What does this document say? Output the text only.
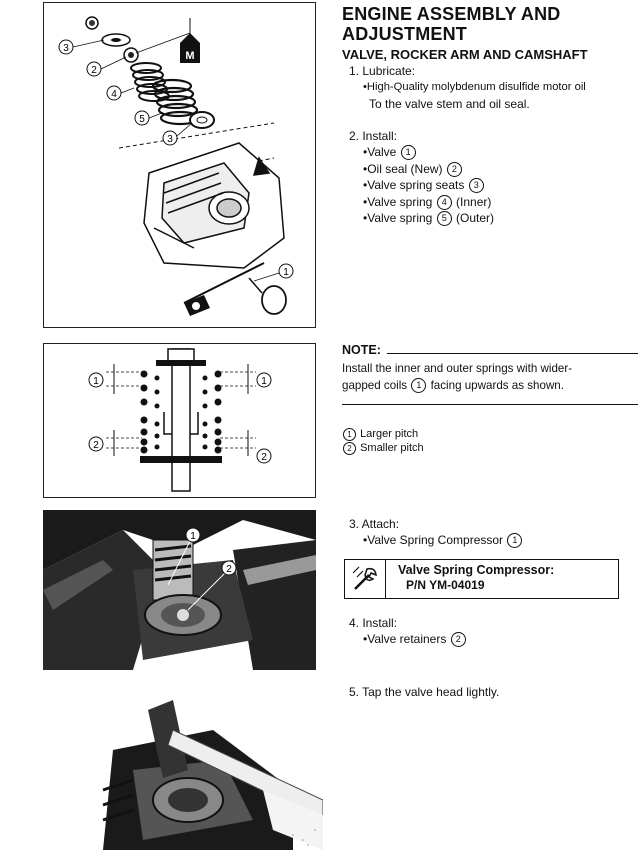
M
3
2
4
5
3
1
1	1
2
2
1
2
ENGINE ASSEMBLY AND
ADJUSTMENT
VALVE, ROCKER ARM AND CAMSHAFT
1. Lubricate:
•High-Quality molybdenum disulfide motor oil
To the valve stem and oil seal.
2. Install:
•Valve 1
•Oil seal (New) 2
•Valve spring seats 3
•Valve spring 4 (Inner)
•Valve spring 5 (Outer)
NOTE:
Install the inner and outer springs with wider-
gapped coils 1 facing upwards as shown.
1 Larger pitch
2 Smaller pitch
3. Attach:
•Valve Spring Compressor 1
Valve Spring Compressor:
P/N YM-04019
4. Install:
•Valve retainers 2
5. Tap the valve head lightly.
